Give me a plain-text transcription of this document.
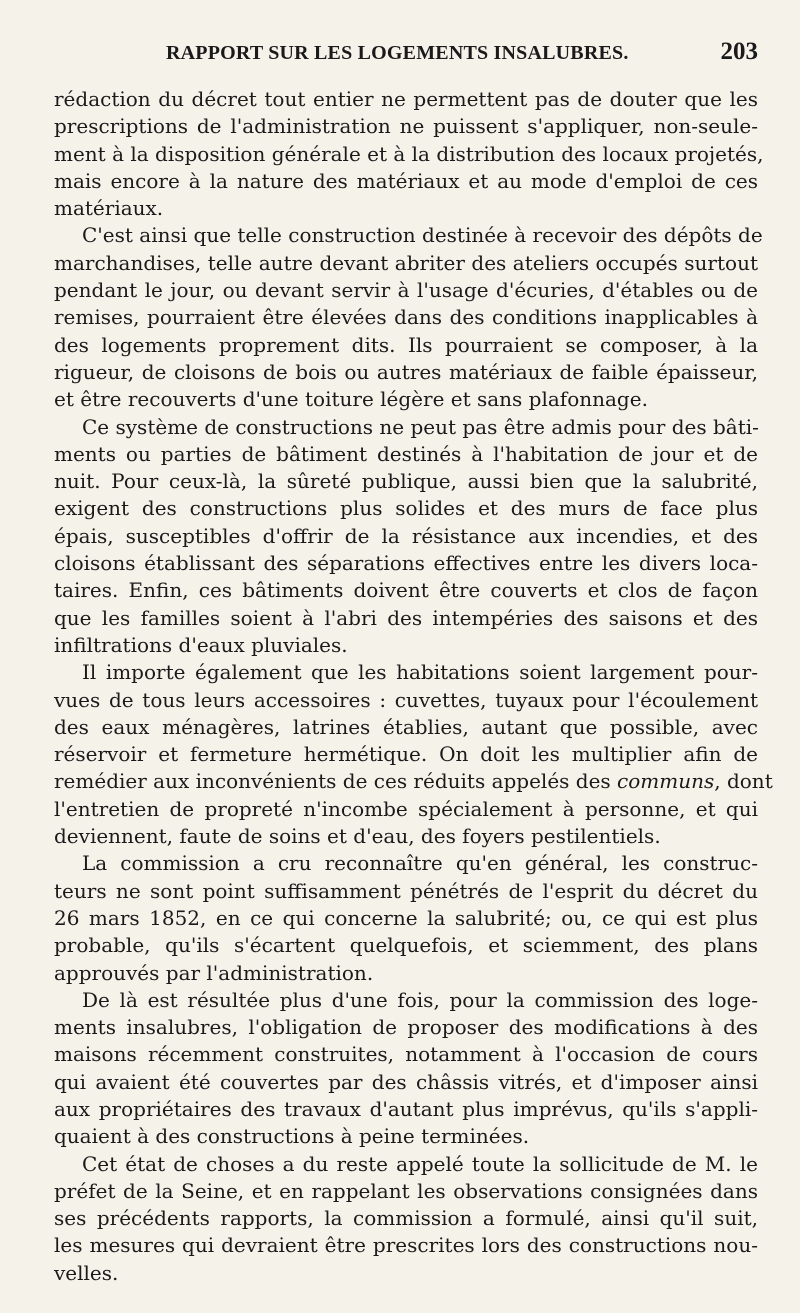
RAPPORT SUR LES LOGEMENTS INSALUBRES.	203
rédaction du décret tout entier ne permettent pas de douter que les
prescriptions de l'administration ne puissent s'appliquer, non-seule-
ment à la disposition générale et à la distribution des locaux projetés,
mais encore à la nature des matériaux et au mode d'emploi de ces
matériaux.
C'est ainsi que telle construction destinée à recevoir des dépôts de
marchandises, telle autre devant abriter des ateliers occupés surtout
pendant le jour, ou devant servir à l'usage d'écuries, d'étables ou de
remises, pourraient être élevées dans des conditions inapplicables à
des logements proprement dits. Ils pourraient se composer, à la
rigueur, de cloisons de bois ou autres matériaux de faible épaisseur,
et être recouverts d'une toiture légère et sans plafonnage.
Ce système de constructions ne peut pas être admis pour des bâti-
ments ou parties de bâtiment destinés à l'habitation de jour et de
nuit. Pour ceux-là, la sûreté publique, aussi bien que la salubrité,
exigent des constructions plus solides et des murs de face plus
épais, susceptibles d'offrir de la résistance aux incendies, et des
cloisons établissant des séparations effectives entre les divers loca-
taires. Enfin, ces bâtiments doivent être couverts et clos de façon
que les familles soient à l'abri des intempéries des saisons et des
infiltrations d'eaux pluviales.
Il importe également que les habitations soient largement pour-
vues de tous leurs accessoires : cuvettes, tuyaux pour l'écoulement
des eaux ménagères, latrines établies, autant que possible, avec
réservoir et fermeture hermétique. On doit les multiplier afin de
remédier aux inconvénients de ces réduits appelés des communs, dont
l'entretien de propreté n'incombe spécialement à personne, et qui
deviennent, faute de soins et d'eau, des foyers pestilentiels.
La commission a cru reconnaître qu'en général, les construc-
teurs ne sont point suffisamment pénétrés de l'esprit du décret du
26 mars 1852, en ce qui concerne la salubrité; ou, ce qui est plus
probable, qu'ils s'écartent quelquefois, et sciemment, des plans
approuvés par l'administration.
De là est résultée plus d'une fois, pour la commission des loge-
ments insalubres, l'obligation de proposer des modifications à des
maisons récemment construites, notamment à l'occasion de cours
qui avaient été couvertes par des châssis vitrés, et d'imposer ainsi
aux propriétaires des travaux d'autant plus imprévus, qu'ils s'appli-
quaient à des constructions à peine terminées.
Cet état de choses a du reste appelé toute la sollicitude de M. le
préfet de la Seine, et en rappelant les observations consignées dans
ses précédents rapports, la commission a formulé, ainsi qu'il suit,
les mesures qui devraient être prescrites lors des constructions nou-
velles.
